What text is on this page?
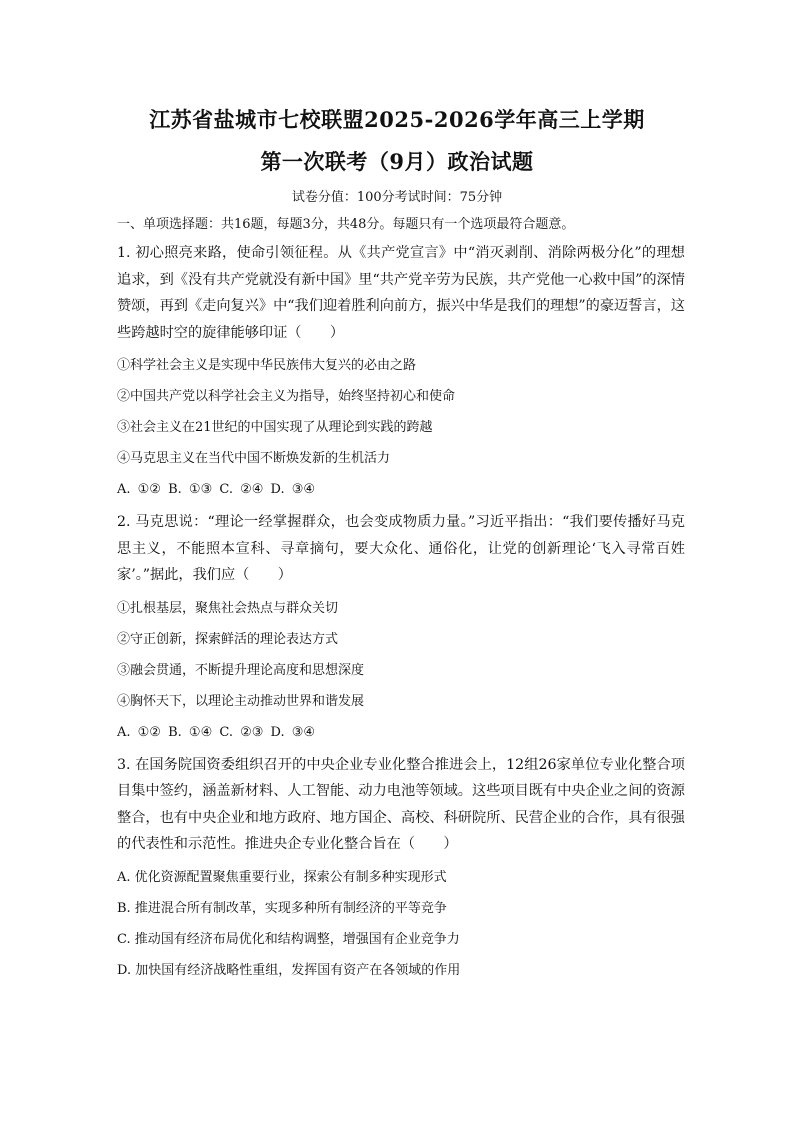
江苏省盐城市七校联盟2025-2026学年高三上学期
第一次联考（9月）政治试题
试卷分值：100分考试时间：75分钟
一、单项选择题：共16题，每题3分，共48分。每题只有一个选项最符合题意。
1. 初心照亮来路，使命引领征程。从《共产党宣言》中“消灭剥削、消除两极分化”的理想追求，到《没有共产党就没有新中国》里“共产党辛劳为民族，共产党他一心救中国”的深情赞颂，再到《走向复兴》中“我们迎着胜利向前方，振兴中华是我们的理想”的豪迈誓言，这些跨越时空的旋律能够印证（　　）
①科学社会主义是实现中华民族伟大复兴的必由之路
②中国共产党以科学社会主义为指导，始终坚持初心和使命
③社会主义在21世纪的中国实现了从理论到实践的跨越
④马克思主义在当代中国不断焕发新的生机活力
A. ①② B. ①③ C. ②④ D. ③④
2. 马克思说：“理论一经掌握群众，也会变成物质力量。”习近平指出：“我们要传播好马克思主义，不能照本宣科、寻章摘句，要大众化、通俗化，让党的创新理论‘飞入寻常百姓家’。”据此，我们应（　　）
①扎根基层，聚焦社会热点与群众关切
②守正创新，探索鲜活的理论表达方式
③融会贯通，不断提升理论高度和思想深度
④胸怀天下，以理论主动推动世界和谐发展
A. ①② B. ①④ C. ②③ D. ③④
3. 在国务院国资委组织召开的中央企业专业化整合推进会上，12组26家单位专业化整合项目集中签约，涵盖新材料、人工智能、动力电池等领域。这些项目既有中央企业之间的资源整合，也有中央企业和地方政府、地方国企、高校、科研院所、民营企业的合作，具有很强的代表性和示范性。推进央企专业化整合旨在（　　）
A. 优化资源配置聚焦重要行业，探索公有制多种实现形式
B. 推进混合所有制改革，实现多种所有制经济的平等竞争
C. 推动国有经济布局优化和结构调整，增强国有企业竞争力
D. 加快国有经济战略性重组，发挥国有资产在各领域的作用
